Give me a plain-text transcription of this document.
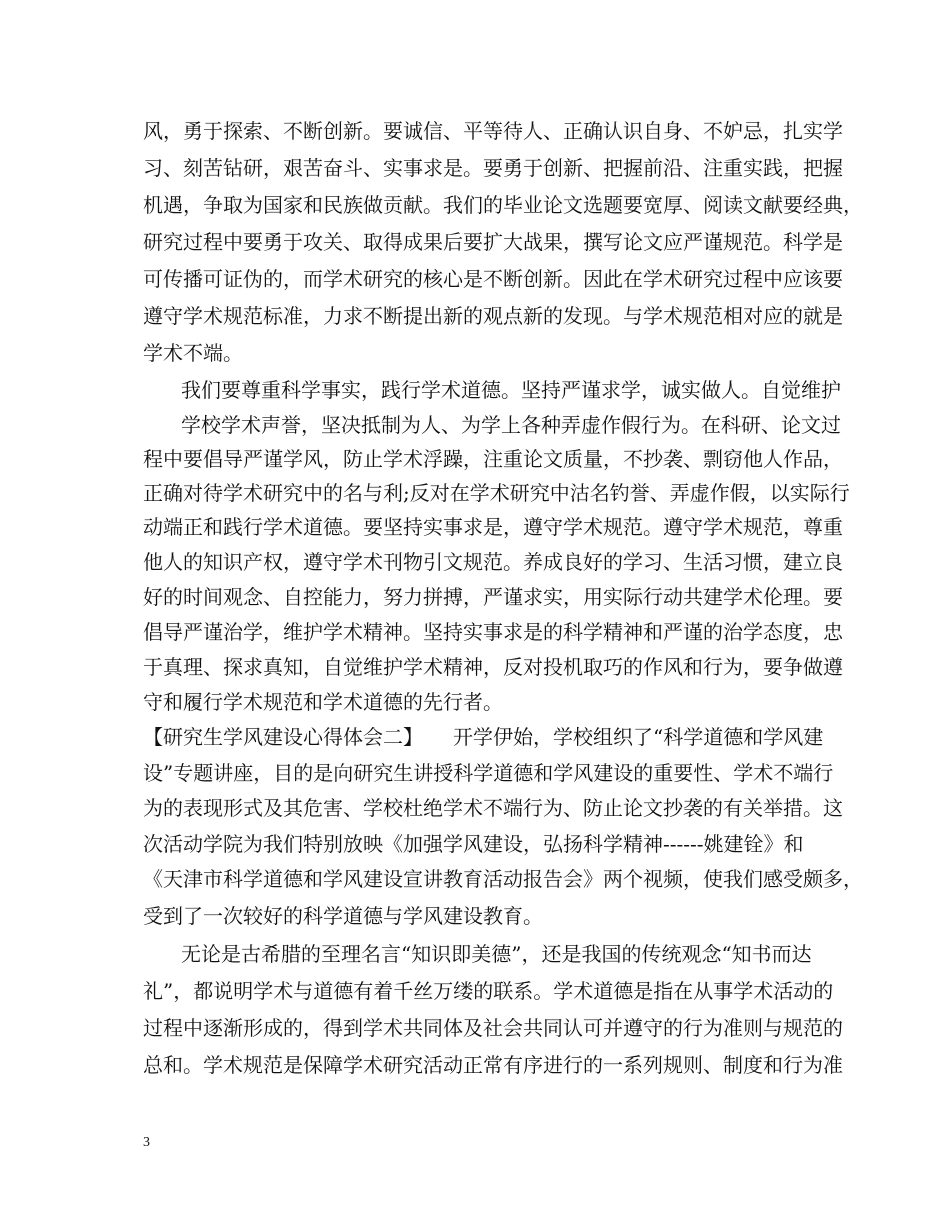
风，勇于探索、不断创新。要诚信、平等待人、正确认识自身、不妒忌，扎实学
习、刻苦钻研，艰苦奋斗、实事求是。要勇于创新、把握前沿、注重实践，把握
机遇，争取为国家和民族做贡献。我们的毕业论文选题要宽厚、阅读文献要经典，
研究过程中要勇于攻关、取得成果后要扩大战果，撰写论文应严谨规范。科学是
可传播可证伪的，而学术研究的核心是不断创新。因此在学术研究过程中应该要
遵守学术规范标准，力求不断提出新的观点新的发现。与学术规范相对应的就是
学术不端。
我们要尊重科学事实，践行学术道德。坚持严谨求学，诚实做人。自觉维护
学校学术声誉，坚决抵制为人、为学上各种弄虚作假行为。在科研、论文过
程中要倡导严谨学风，防止学术浮躁，注重论文质量，不抄袭、剽窃他人作品，
正确对待学术研究中的名与利;反对在学术研究中沽名钓誉、弄虚作假，以实际行
动端正和践行学术道德。要坚持实事求是，遵守学术规范。遵守学术规范，尊重
他人的知识产权，遵守学术刊物引文规范。养成良好的学习、生活习惯，建立良
好的时间观念、自控能力，努力拼搏，严谨求实，用实际行动共建学术伦理。要
倡导严谨治学，维护学术精神。坚持实事求是的科学精神和严谨的治学态度，忠
于真理、探求真知，自觉维护学术精神，反对投机取巧的作风和行为，要争做遵
守和履行学术规范和学术道德的先行者。
【研究生学风建设心得体会二】　　开学伊始，学校组织了“科学道德和学风建
设”专题讲座，目的是向研究生讲授科学道德和学风建设的重要性、学术不端行
为的表现形式及其危害、学校杜绝学术不端行为、防止论文抄袭的有关举措。这
次活动学院为我们特别放映《加强学风建设，弘扬科学精神------姚建铨》和
《天津市科学道德和学风建设宣讲教育活动报告会》两个视频，使我们感受颇多，
受到了一次较好的科学道德与学风建设教育。
无论是古希腊的至理名言“知识即美德”，还是我国的传统观念“知书而达
礼”，都说明学术与道德有着千丝万缕的联系。学术道德是指在从事学术活动的
过程中逐渐形成的，得到学术共同体及社会共同认可并遵守的行为准则与规范的
总和。学术规范是保障学术研究活动正常有序进行的一系列规则、制度和行为准
3
